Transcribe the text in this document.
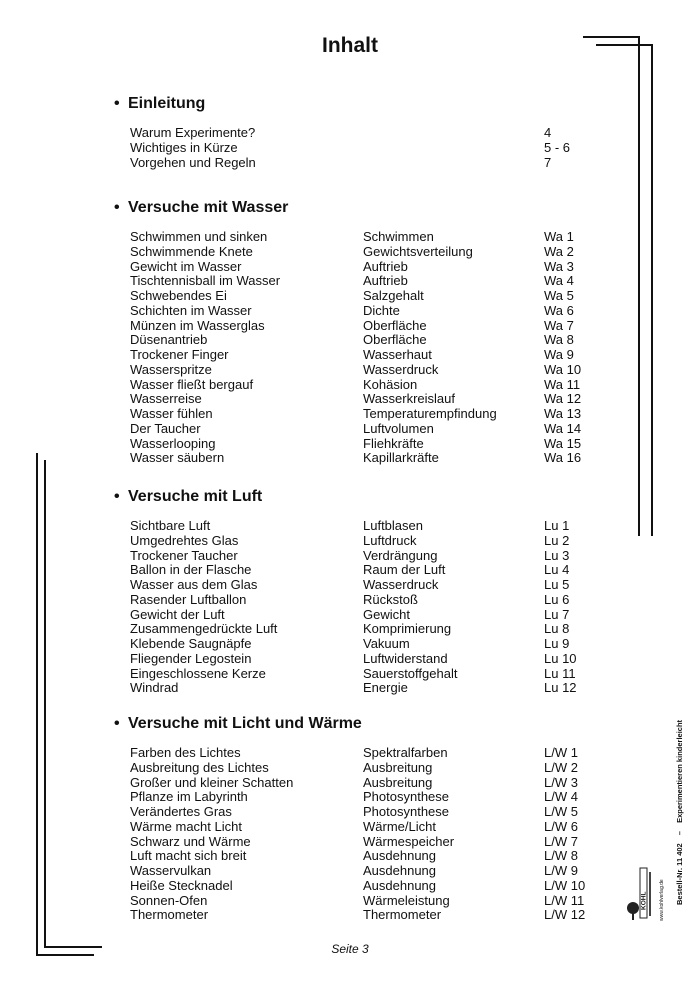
Inhalt
• Einleitung
Warum Experimente?	4
Wichtiges in Kürze	5 - 6
Vorgehen und Regeln	7
• Versuche mit Wasser
Schwimmen und sinken	Schwimmen	Wa 1
Schwimmende Knete	Gewichtsverteilung	Wa 2
Gewicht im Wasser	Auftrieb	Wa 3
Tischtennisball im Wasser	Auftrieb	Wa 4
Schwebendes Ei	Salzgehalt	Wa 5
Schichten im Wasser	Dichte	Wa 6
Münzen im Wasserglas	Oberfläche	Wa 7
Düsenantrieb	Oberfläche	Wa 8
Trockener Finger	Wasserhaut	Wa 9
Wasserspritze	Wasserdruck	Wa 10
Wasser fließt bergauf	Kohäsion	Wa 11
Wasserreise	Wasserkreislauf	Wa 12
Wasser fühlen	Temperaturempfindung	Wa 13
Der Taucher	Luftvolumen	Wa 14
Wasserlooping	Fliehkräfte	Wa 15
Wasser säubern	Kapillarkräfte	Wa 16
• Versuche mit Luft
Sichtbare Luft	Luftblasen	Lu 1
Umgedrehtes Glas	Luftdruck	Lu 2
Trockener Taucher	Verdrängung	Lu 3
Ballon in der Flasche	Raum der Luft	Lu 4
Wasser aus dem Glas	Wasserdruck	Lu 5
Rasender Luftballon	Rückstoß	Lu 6
Gewicht der Luft	Gewicht	Lu 7
Zusammengedrückte Luft	Komprimierung	Lu 8
Klebende Saugnäpfe	Vakuum	Lu 9
Fliegender Legostein	Luftwiderstand	Lu 10
Eingeschlossene Kerze	Sauerstoffgehalt	Lu 11
Windrad	Energie	Lu 12
• Versuche mit Licht und Wärme
Farben des Lichtes	Spektralfarben	L/W 1
Ausbreitung des Lichtes	Ausbreitung	L/W 2
Großer und kleiner Schatten	Ausbreitung	L/W 3
Pflanze im Labyrinth	Photosynthese	L/W 4
Verändertes Gras	Photosynthese	L/W 5
Wärme macht Licht	Wärme/Licht	L/W 6
Schwarz und Wärme	Wärmespeicher	L/W 7
Luft macht sich breit	Ausdehnung	L/W 8
Wasservulkan	Ausdehnung	L/W 9
Heiße Stecknadel	Ausdehnung	L/W 10
Sonnen-Ofen	Wärmeleistung	L/W 11
Thermometer	Thermometer	L/W 12
Seite 3
Bestell-Nr. 11 402 – Experimentieren kinderleicht
KOHL www.kohlverlag.de
